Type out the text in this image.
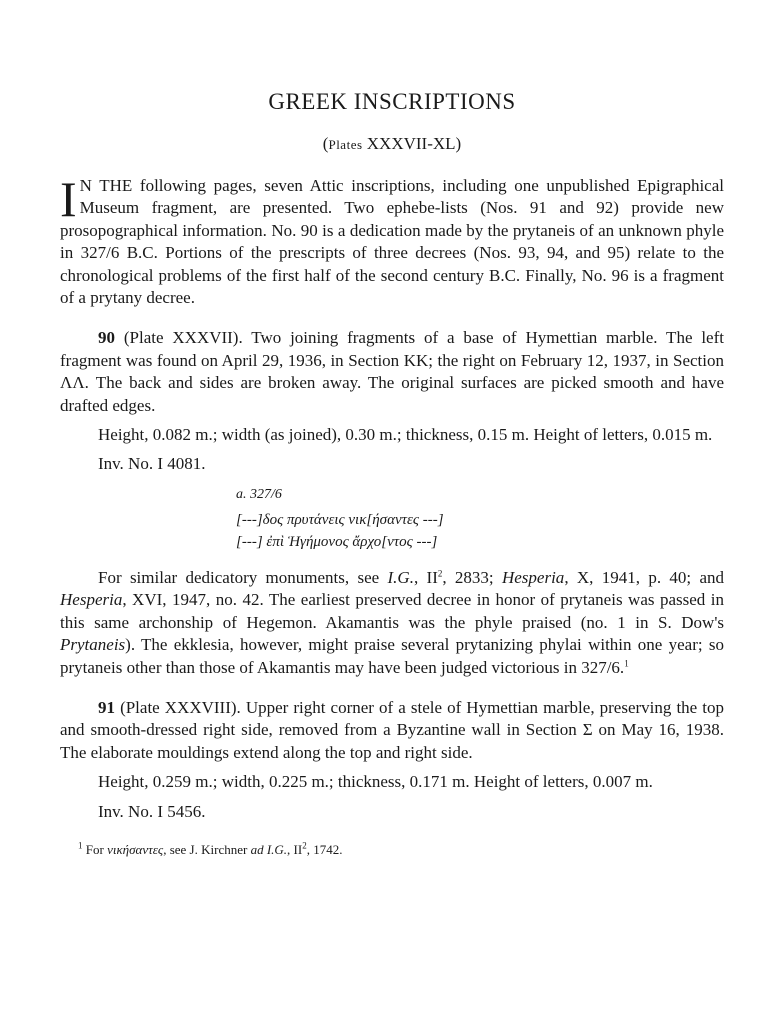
GREEK INSCRIPTIONS
(Plates XXXVII-XL)

I N THE following pages, seven Attic inscriptions, including one unpublished Epigraphical Museum fragment, are presented. Two ephebe-lists (Nos. 91 and 92) provide new prosopographical information. No. 90 is a dedication made by the prytaneis of an unknown phyle in 327/6 B.C. Portions of the prescripts of three decrees (Nos. 93, 94, and 95) relate to the chronological problems of the first half of the second century B.C. Finally, No. 96 is a fragment of a prytany decree.

90 (Plate XXXVII). Two joining fragments of a base of Hymettian marble. The left fragment was found on April 29, 1936, in Section KK; the right on February 12, 1937, in Section ΛΛ. The back and sides are broken away. The original surfaces are picked smooth and have drafted edges.

Height, 0.082 m.; width (as joined), 0.30 m.; thickness, 0.15 m. Height of letters, 0.015 m.

Inv. No. I 4081.

a. 327/6
[---]δος πρυτάνεις νικ[ήσαντες ---]
[---] ἐπὶ Ἡγήμονος ἄρχο[ντος ---]

For similar dedicatory monuments, see I.G., $II^2$, 2833; Hesperia, X, 1941, p. 40; and Hesperia, XVI, 1947, no. 42. The earliest preserved decree in honor of prytaneis was passed in this same archonship of Hegemon. Akamantis was the phyle praised (no. 1 in S. Dow's Prytaneis). The ekklesia, however, might praise several prytanizing phylai within one year; so prytaneis other than those of Akamantis may have been judged victorious in 327/6.$^1$

91 (Plate XXXVIII). Upper right corner of a stele of Hymettian marble, preserving the top and smooth-dressed right side, removed from a Byzantine wall in Section Σ on May 16, 1938. The elaborate mouldings extend along the top and right side.

Height, 0.259 m.; width, 0.225 m.; thickness, 0.171 m. Height of letters, 0.007 m.

Inv. No. I 5456.

$^1$ For νικήσαντες, see J. Kirchner ad I.G., $II^2$, 1742.
